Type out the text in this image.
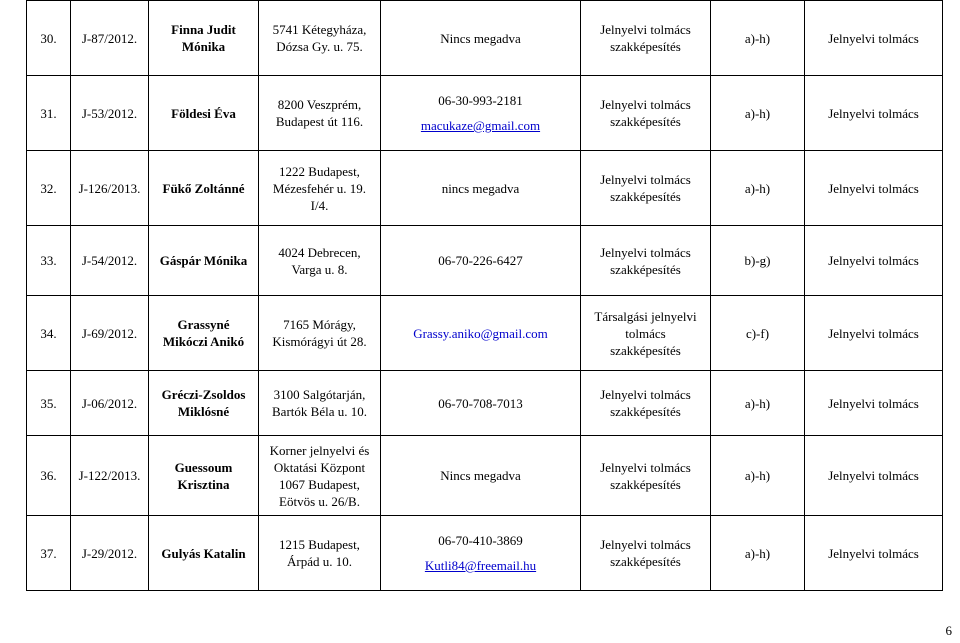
30.	J-87/2012.	Finna Judit
Mónika	5741 Kétegyháza,
Dózsa Gy. u. 75.	Nincs megadva	Jelnyelvi tolmács
szakképesítés	a)-h)	Jelnyelvi tolmács
31.	J-53/2012.	Földesi Éva	8200 Veszprém,
Budapest út 116.	06-30-993-2181
macukaze@gmail.com	Jelnyelvi tolmács
szakképesítés	a)-h)	Jelnyelvi tolmács
32.	J-126/2013.	Fükő Zoltánné	1222 Budapest,
Mézesfehér u. 19.
I/4.	nincs megadva	Jelnyelvi tolmács
szakképesítés	a)-h)	Jelnyelvi tolmács
33.	J-54/2012.	Gáspár Mónika	4024 Debrecen,
Varga u. 8.	06-70-226-6427	Jelnyelvi tolmács
szakképesítés	b)-g)	Jelnyelvi tolmács
34.	J-69/2012.	Grassyné
Mikóczi Anikó	7165 Mórágy,
Kismórágyi út 28.	Grassy.aniko@gmail.com	Társalgási jelnyelvi
tolmács
szakképesítés	c)-f)	Jelnyelvi tolmács
35.	J-06/2012.	Gréczi-Zsoldos
Miklósné	3100 Salgótarján,
Bartók Béla u. 10.	06-70-708-7013	Jelnyelvi tolmács
szakképesítés	a)-h)	Jelnyelvi tolmács
36.	J-122/2013.	Guessoum
Krisztina	Korner jelnyelvi és
Oktatási Központ
1067 Budapest,
Eötvös u. 26/B.	Nincs megadva	Jelnyelvi tolmács
szakképesítés	a)-h)	Jelnyelvi tolmács
37.	J-29/2012.	Gulyás Katalin	1215 Budapest,
Árpád u. 10.	06-70-410-3869
Kutli84@freemail.hu	Jelnyelvi tolmács
szakképesítés	a)-h)	Jelnyelvi tolmács
6
